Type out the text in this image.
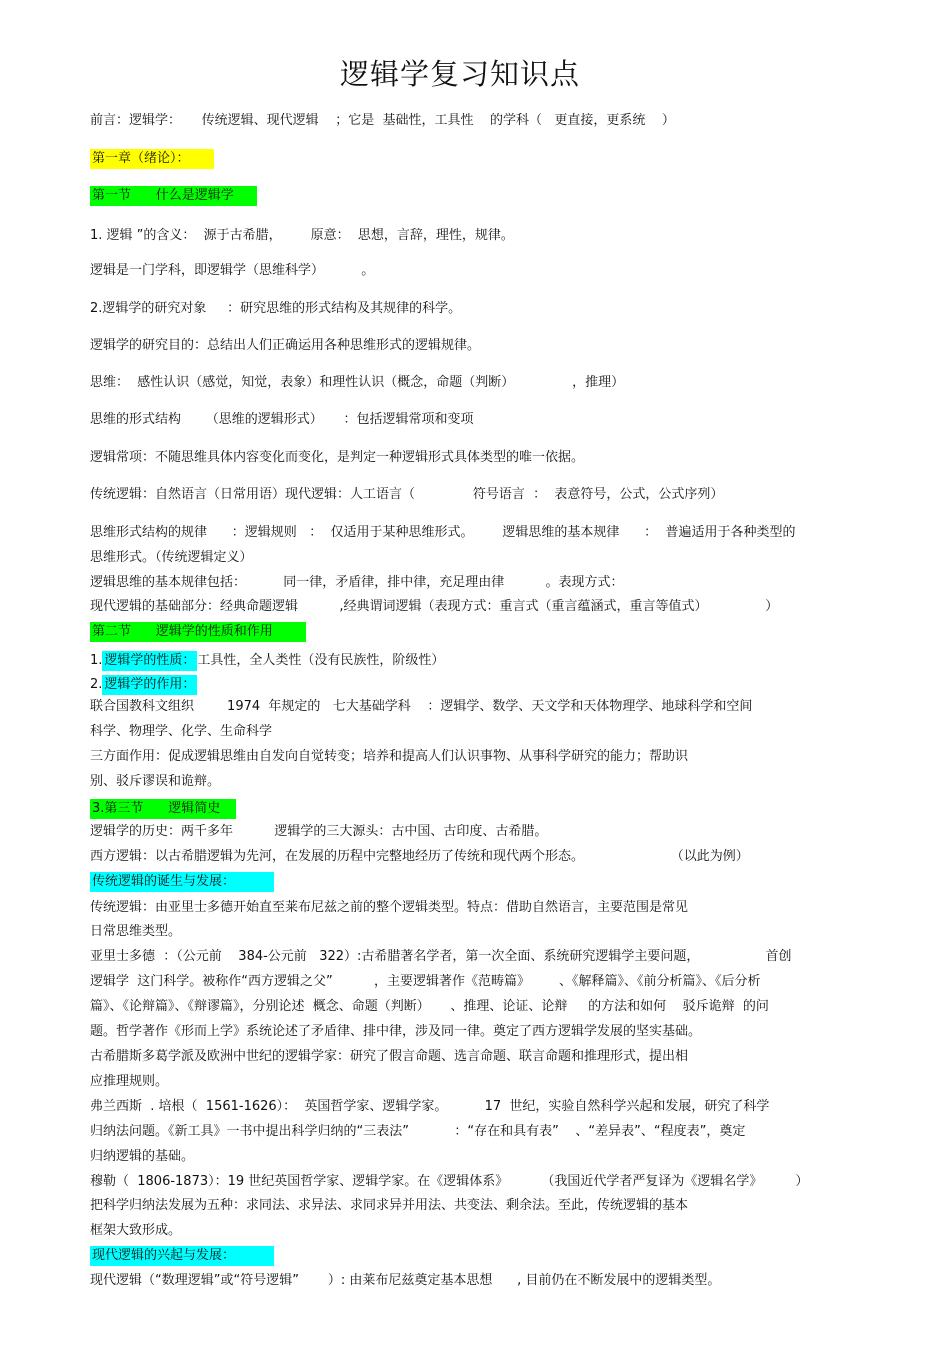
逻辑学复习知识点
前言：逻辑学：     传统逻辑、现代逻辑    ；它是  基础性，工具性    的学科（   更直接，更系统    ）
第一章（绪论）：
第一节      什么是逻辑学
1. 逻辑 ”的含义：  源于古希腊，       原意：  思想，言辞，理性，规律。
逻辑是一门学科，即逻辑学（思维科学）         。
2.逻辑学的研究对象     ：研究思维的形式结构及其规律的科学。
逻辑学的研究目的：总结出人们正确运用各种思维形式的逻辑规律。
思维：  感性认识（感觉，知觉，表象）和理性认识（概念，命题（判断）              ，推理）
思维的形式结构      （思维的逻辑形式）     ：包括逻辑常项和变项
逻辑常项：不随思维具体内容变化而变化，是判定一种逻辑形式具体类型的唯一依据。
传统逻辑：自然语言（日常用语）现代逻辑：人工语言（              符号语言  ：  表意符号，公式，公式序列）
思维形式结构的规律      ：逻辑规则   ：  仅适用于某种思维形式。       逻辑思维的基本规律      ：  普遍适用于各种类型的
思维形式。（传统逻辑定义）
逻辑思维的基本规律包括：         同一律，矛盾律，排中律，充足理由律          。表现方式：
现代逻辑的基础部分：经典命题逻辑          ,经典谓词逻辑（表现方式：重言式（重言蕴涵式，重言等值式）              ）
第二节      逻辑学的性质和作用
1. 逻辑学的性质： 工具性，全人类性（没有民族性，阶级性）
2. 逻辑学的作用：
联合国教科文组织        1974  年规定的   七大基础学科    ：逻辑学、数学、天文学和天体物理学、地球科学和空间
科学、物理学、化学、生命科学
三方面作用：促成逻辑思维由自发向自觉转变；培养和提高人们认识事物、从事科学研究的能力；帮助识
别、驳斥谬误和诡辩。
3.第三节      逻辑简史
逻辑学的历史：两千多年          逻辑学的三大源头：古中国、古印度、古希腊。
西方逻辑：以古希腊逻辑为先河，在发展的历程中完整地经历了传统和现代两个形态。                     （以此为例）
传统逻辑的诞生与发展：
传统逻辑：由亚里士多德开始直至莱布尼兹之前的整个逻辑类型。特点：借助自然语言，主要范围是常见
日常思维类型。
亚里士多德  ：（公元前    384-公元前   322）:古希腊著名学者，第一次全面、系统研究逻辑学主要问题，                首创
逻辑学  这门科学。被称作“西方逻辑之父”          ，主要逻辑著作《范畴篇》       、《解释篇》、《前分析篇》、《后分析
篇》、《论辩篇》、《辩谬篇》，分别论述  概念、命题（判断）     、推理、论证、论辩     的方法和如何    驳斥诡辩  的问
题。哲学著作《形而上学》系统论述了矛盾律、排中律，涉及同一律。奠定了西方逻辑学发展的坚实基础。
古希腊斯多葛学派及欧洲中世纪的逻辑学家：研究了假言命题、选言命题、联言命题和推理形式，提出相
应推理规则。
弗兰西斯  . 培根（  1561-1626）：  英国哲学家、逻辑学家。         17  世纪，实验自然科学兴起和发展，研究了科学
归纳法问题。《新工具》一书中提出科学归纳的“三表法”           ：“存在和具有表”    、“差异表”、“程度表”，奠定
归纳逻辑的基础。
穆勒（  1806-1873）：19 世纪英国哲学家、逻辑学家。在《逻辑体系》        （我国近代学者严复译为《逻辑名学》        ）
把科学归纳法发展为五种：求同法、求异法、求同求异并用法、共变法、剩余法。至此，传统逻辑的基本
框架大致形成。
现代逻辑的兴起与发展：
现代逻辑（“数理逻辑”或“符号逻辑”       ）: 由莱布尼兹奠定基本思想      , 目前仍在不断发展中的逻辑类型。
